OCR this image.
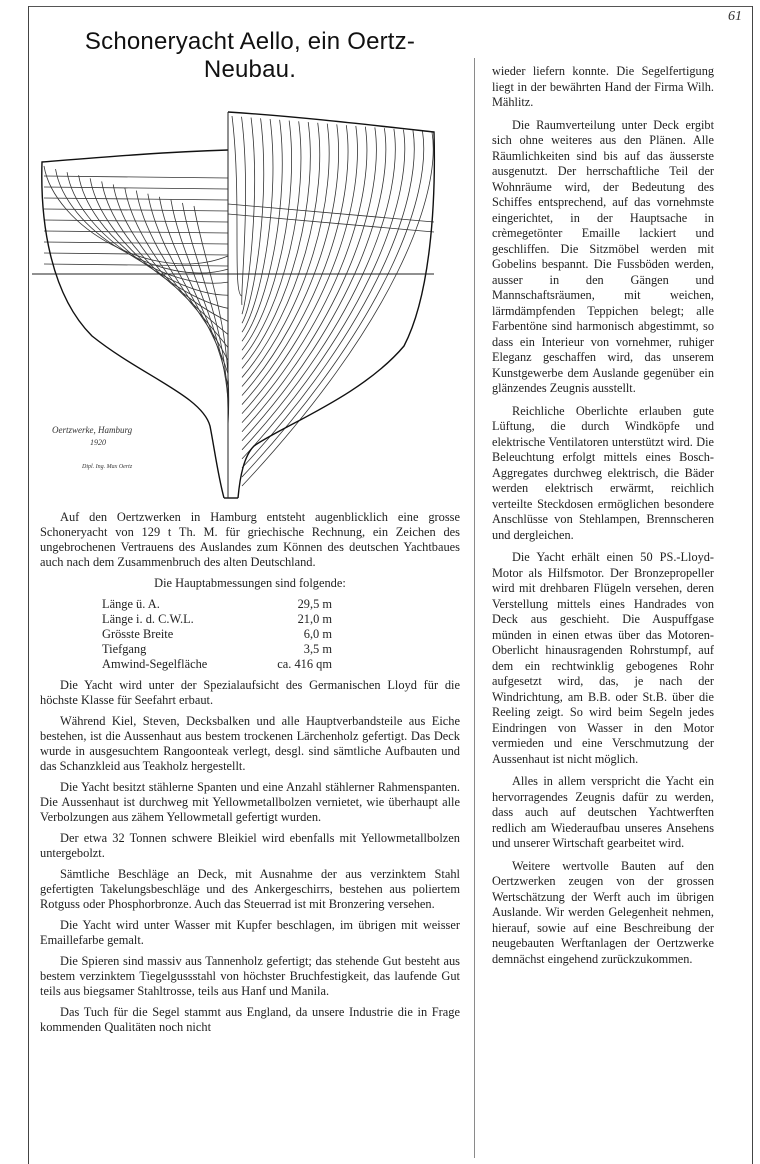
61
Schoneryacht Aello, ein Oertz-Neubau.
Oertzwerke, Hamburg
1920
Dipl. Ing. Max Oertz

Auf den Oertzwerken in Hamburg entsteht augenblicklich eine grosse Schoneryacht von 129 t Th. M. für griechische Rechnung, ein Zeichen des ungebrochenen Vertrauens des Auslandes zum Können des deutschen Yachtbaues auch nach dem Zusammenbruch des alten Deutschland.

Die Hauptabmessungen sind folgende:

Länge ü. A.	29,5 m
Länge i. d. C.W.L.	21,0 m
Grösste Breite	6,0 m
Tiefgang	3,5 m
Amwind-Segelfläche	ca. 416 qm

Die Yacht wird unter der Spezialaufsicht des Germanischen Lloyd für die höchste Klasse für Seefahrt erbaut.

Während Kiel, Steven, Decksbalken und alle Hauptverbandsteile aus Eiche bestehen, ist die Aussenhaut aus bestem trockenen Lärchenholz gefertigt. Das Deck wurde in ausgesuchtem Rangoonteak verlegt, desgl. sind sämtliche Aufbauten und das Schanzkleid aus Teakholz hergestellt.

Die Yacht besitzt stählerne Spanten und eine Anzahl stählerner Rahmenspanten. Die Aussenhaut ist durchweg mit Yellowmetallbolzen vernietet, wie überhaupt alle Verbolzungen aus zähem Yellowmetall gefertigt wurden.

Der etwa 32 Tonnen schwere Bleikiel wird ebenfalls mit Yellowmetallbolzen untergebolzt.

Sämtliche Beschläge an Deck, mit Ausnahme der aus verzinktem Stahl gefertigten Takelungsbeschläge und des Ankergeschirrs, bestehen aus poliertem Rotguss oder Phosphorbronze. Auch das Steuerrad ist mit Bronzering versehen.

Die Yacht wird unter Wasser mit Kupfer beschlagen, im übrigen mit weisser Emaillefarbe gemalt.

Die Spieren sind massiv aus Tannenholz gefertigt; das stehende Gut besteht aus bestem verzinktem Tiegelgussstahl von höchster Bruchfestigkeit, das laufende Gut teils aus biegsamer Stahltrosse, teils aus Hanf und Manila.

Das Tuch für die Segel stammt aus England, da unsere Industrie die in Frage kommenden Qualitäten noch nicht

wieder liefern konnte. Die Segelfertigung liegt in der bewährten Hand der Firma Wilh. Mählitz.

Die Raumverteilung unter Deck ergibt sich ohne weiteres aus den Plänen. Alle Räumlichkeiten sind bis auf das äusserste ausgenutzt. Der herrschaftliche Teil der Wohnräume wird, der Bedeutung des Schiffes entsprechend, auf das vornehmste eingerichtet, in der Hauptsache in crèmegetönter Emaille lackiert und geschliffen. Die Sitzmöbel werden mit Gobelins bespannt. Die Fussböden werden, ausser in den Gängen und Mannschaftsräumen, mit weichen, lärmdämpfenden Teppichen belegt; alle Farbentöne sind harmonisch abgestimmt, so dass ein Interieur von vornehmer, ruhiger Eleganz geschaffen wird, das unserem Kunstgewerbe dem Auslande gegenüber ein glänzendes Zeugnis ausstellt.

Reichliche Oberlichte erlauben gute Lüftung, die durch Windköpfe und elektrische Ventilatoren unterstützt wird. Die Beleuchtung erfolgt mittels eines Bosch-Aggregates durchweg elektrisch, die Bäder werden elektrisch erwärmt, reichlich verteilte Steckdosen ermöglichen besondere Anschlüsse von Stehlampen, Brennscheren und dergleichen.

Die Yacht erhält einen 50 PS.-Lloyd-Motor als Hilfsmotor. Der Bronzepropeller wird mit drehbaren Flügeln versehen, deren Verstellung mittels eines Handrades von Deck aus geschieht. Die Auspuffgase münden in einen etwas über das Motoren-Oberlicht hinausragenden Rohrstumpf, auf dem ein rechtwinklig gebogenes Rohr aufgesetzt wird, das, je nach der Windrichtung, am B.B. oder St.B. über die Reeling zeigt. So wird beim Segeln jedes Eindringen von Wasser in den Motor vermieden und eine Verschmutzung der Aussenhaut ist nicht möglich.

Alles in allem verspricht die Yacht ein hervorragendes Zeugnis dafür zu werden, dass auch auf deutschen Yachtwerften redlich am Wiederaufbau unseres Ansehens und unserer Wirtschaft gearbeitet wird.

Weitere wertvolle Bauten auf den Oertzwerken zeugen von der grossen Wertschätzung der Werft auch im übrigen Auslande. Wir werden Gelegenheit nehmen, hierauf, sowie auf eine Beschreibung der neugebauten Werftanlagen der Oertzwerke demnächst eingehend zurückzukommen.
